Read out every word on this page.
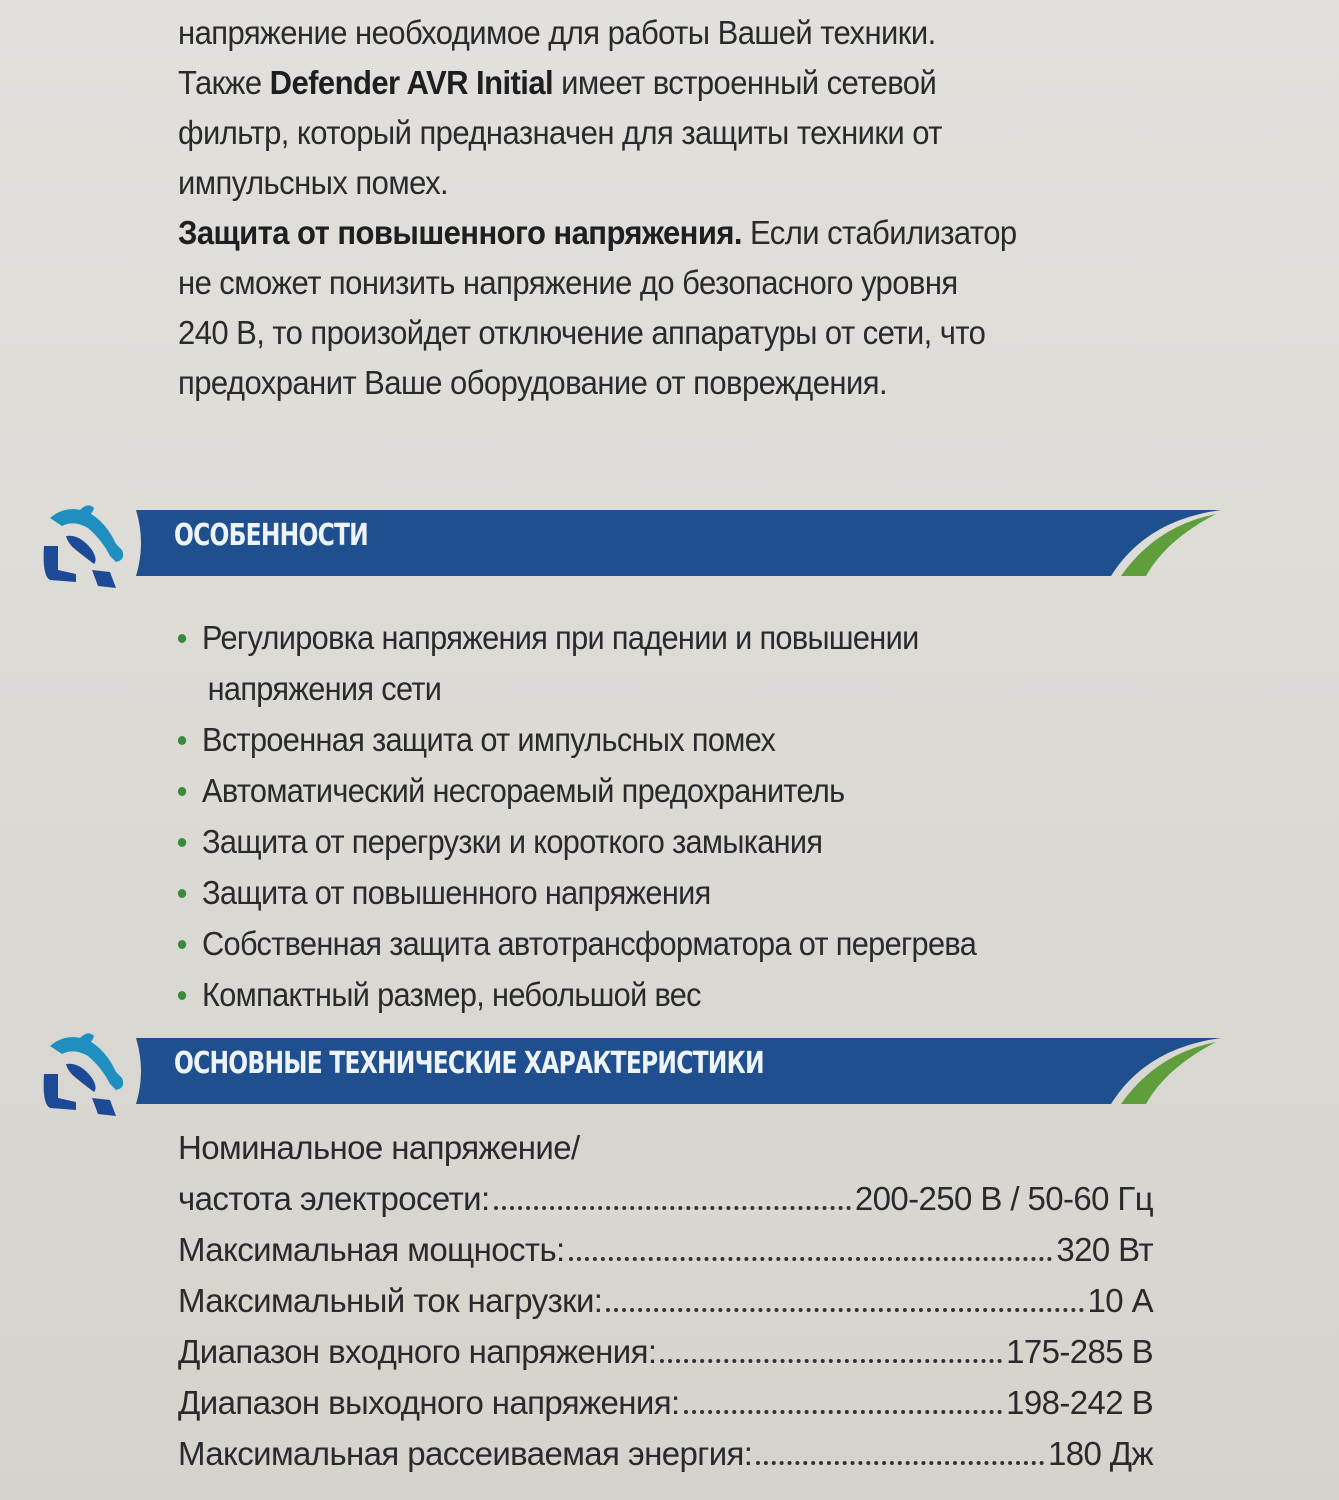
напряжение необходимое для работы Вашей техники.

Также Defender AVR Initial имеет встроенный сетевой

фильтр, который предназначен для защиты техники от

импульсных помех.

Защита от повышенного напряжения. Если стабилизатор

не сможет понизить напряжение до безопасного уровня

240 В, то произойдет отключение аппаратуры от сети, что

предохранит Ваше оборудование от повреждения.

ОСОБЕННОСТИ
Регулировка напряжения при падении и повышении
напряжения сети
Встроенная защита от импульсных помех
Автоматический несгораемый предохранитель
Защита от перегрузки и короткого замыкания
Защита от повышенного напряжения
Собственная защита автотрансформатора от перегрева
Компактный размер, небольшой вес
ОСНОВНЫЕ ТЕХНИЧЕСКИЕ ХАРАКТЕРИСТИКИ
Номинальное напряжение/
частота электросети:	200-250 В / 50-60 Гц
Максимальная мощность:	320 Вт
Максимальный ток нагрузки:	10 А
Диапазон входного напряжения:	175-285 В
Диапазон выходного напряжения:	198-242 В
Максимальная рассеиваемая энергия:	180 Дж
